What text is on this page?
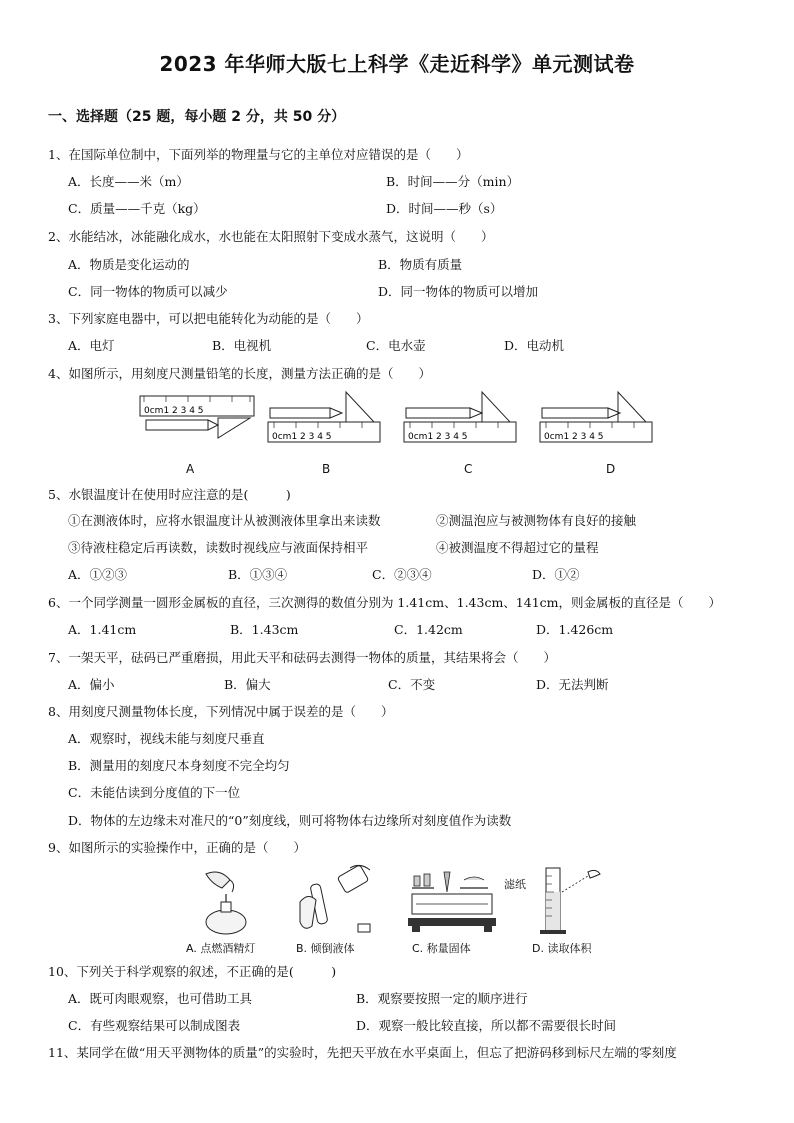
2023 年华师大版七上科学《走近科学》单元测试卷
一、选择题（25 题，每小题 2 分，共 50 分）
1、在国际单位制中，下面列举的物理量与它的主单位对应错误的是（　　）
A．长度——米（m）	B．时间——分（min）
C．质量——千克（kg）	D．时间——秒（s）
2、水能结冰，冰能融化成水，水也能在太阳照射下变成水蒸气，这说明（　　）
A．物质是变化运动的	B．物质有质量
C．同一物体的物质可以减少	D．同一物体的物质可以增加
3、下列家庭电器中，可以把电能转化为动能的是（　　）
A．电灯	B．电视机	C．电水壶	D．电动机
4、如图所示，用刻度尺测量铅笔的长度，测量方法正确的是（　　）
0cm1 2 3 4 5
A
0cm1 2 3 4 5
B
0cm1 2 3 4 5
C
0cm1 2 3 4 5
D
5、水银温度计在使用时应注意的是(　　　)
①在测液体时，应将水银温度计从被测液体里拿出来读数	②测温泡应与被测物体有良好的接触
③待液柱稳定后再读数，读数时视线应与液面保持相平	④被测温度不得超过它的量程
A．①②③	B．①③④	C．②③④	D．①②
6、一个同学测量一圆形金属板的直径，三次测得的数值分别为 1.41cm、1.43cm、141cm，则金属板的直径是（　　）
A．1.41cm	B．1.43cm	C．1.42cm	D．1.426cm
7、一架天平，砝码已严重磨损，用此天平和砝码去测得一物体的质量，其结果将会（　　）
A．偏小	B．偏大	C．不变	D．无法判断
8、用刻度尺测量物体长度，下列情况中属于误差的是（　　）
A．观察时，视线未能与刻度尺垂直
B．测量用的刻度尺本身刻度不完全均匀
C．未能估读到分度值的下一位
D．物体的左边缘未对准尺的“0”刻度线，则可将物体右边缘所对刻度值作为读数
9、如图所示的实验操作中，正确的是（　　）
A. 点燃酒精灯	B. 倾倒液体
滤纸
C. 称量固体	D. 读取体积
10、下列关于科学观察的叙述，不正确的是(　　　)
A．既可肉眼观察，也可借助工具	B．观察要按照一定的顺序进行
C．有些观察结果可以制成图表	D．观察一般比较直接，所以都不需要很长时间
11、某同学在做“用天平测物体的质量”的实验时，先把天平放在水平桌面上，但忘了把游码移到标尺左端的零刻度
